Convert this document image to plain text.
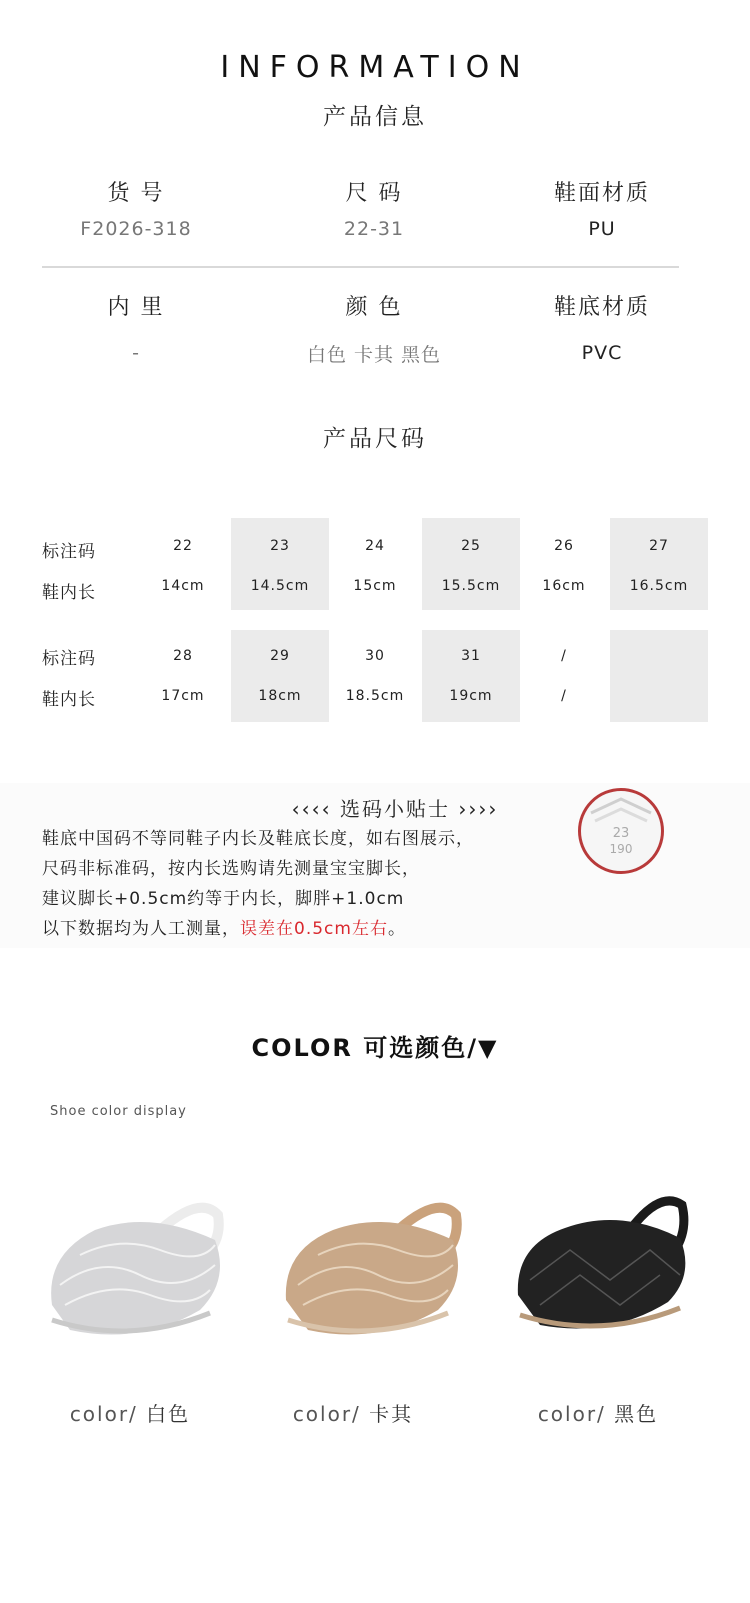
INFORMATION
产品信息
货 号
F2026-318
尺 码
22-31
鞋面材质
PU
内 里
-
颜 色
白色 卡其 黑色
鞋底材质
PVC
产品尺码
标注码
鞋内长
22	23	24	25	26	27
14cm	14.5cm	15cm	15.5cm	16cm	16.5cm
标注码
鞋内长
28	29	30	31	/
17cm	18cm	18.5cm	19cm	/
‹‹‹‹ 选码小贴士 ››››
鞋底中国码不等同鞋子内长及鞋底长度，如右图展示，
尺码非标准码，按内长选购请先测量宝宝脚长，
建议脚长+0.5cm约等于内长，脚胖+1.0cm
以下数据均为人工测量，误差在0.5cm左右。
23
190
COLOR 可选颜色/▼
Shoe color display
color/ 白色	color/ 卡其	color/ 黑色
